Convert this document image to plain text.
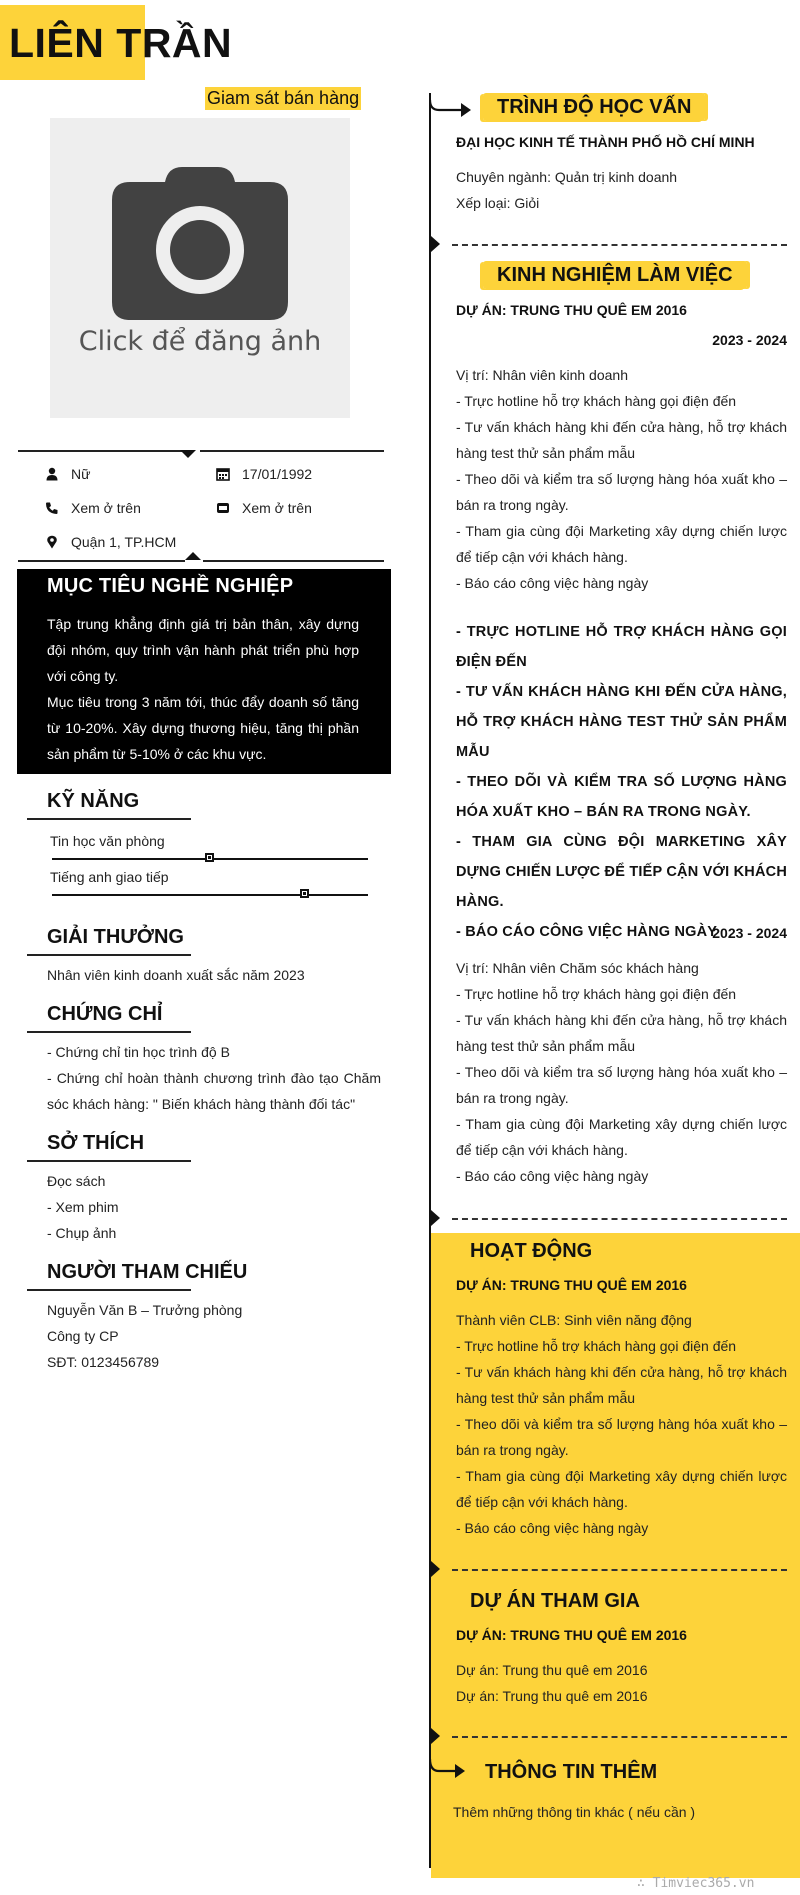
LIÊN TRẦN
Giam sát bán hàng
Click để đăng ảnh
Nữ	17/01/1992
Xem ở trên	Xem ở trên
Quận 1, TP.HCM
MỤC TIÊU NGHỀ NGHIỆP
Tập trung khẳng định giá trị bản thân, xây dựng đội nhóm, quy trình vận hành phát triển phù hợp với công ty.
Mục tiêu trong 3 năm tới, thúc đẩy doanh số tăng từ 10-20%. Xây dựng thương hiệu, tăng thị phần sản phẩm từ 5-10% ở các khu vực.
KỸ NĂNG
Tin học văn phòng
Tiếng anh giao tiếp
GIẢI THƯỞNG
Nhân viên kinh doanh xuất sắc năm 2023
CHỨNG CHỈ
- Chứng chỉ tin học trình độ B
- Chứng chỉ hoàn thành chương trình đào tạo Chăm sóc khách hàng: " Biến khách hàng thành đối tác"
SỞ THÍCH
Đọc sách
- Xem phim
- Chụp ảnh
NGƯỜI THAM CHIẾU
Nguyễn Văn B – Trưởng phòng
Công ty CP
SĐT: 0123456789
TRÌNH ĐỘ HỌC VẤN
ĐẠI HỌC KINH TẾ THÀNH PHỐ HỒ CHÍ MINH
Chuyên ngành: Quản trị kinh doanh
Xếp loại: Giỏi
KINH NGHIỆM LÀM VIỆC
DỰ ÁN: TRUNG THU QUÊ EM 2016
2023 - 2024
Vị trí: Nhân viên kinh doanh
- Trực hotline hỗ trợ khách hàng gọi điện đến
- Tư vấn khách hàng khi đến cửa hàng, hỗ trợ khách hàng test thử sản phẩm mẫu
- Theo dõi và kiểm tra số lượng hàng hóa xuất kho – bán ra trong ngày.
- Tham gia cùng đội Marketing xây dựng chiến lược để tiếp cận với khách hàng.
- Báo cáo công việc hàng ngày
- TRỰC HOTLINE HỖ TRỢ KHÁCH HÀNG GỌI ĐIỆN ĐẾN
- TƯ VẤN KHÁCH HÀNG KHI ĐẾN CỬA HÀNG, HỖ TRỢ KHÁCH HÀNG TEST THỬ SẢN PHẨM MẪU
- THEO DÕI VÀ KIỂM TRA SỐ LƯỢNG HÀNG HÓA XUẤT KHO – BÁN RA TRONG NGÀY.
- THAM GIA CÙNG ĐỘI MARKETING XÂY DỰNG CHIẾN LƯỢC ĐỂ TIẾP CẬN VỚI KHÁCH HÀNG.
- BÁO CÁO CÔNG VIỆC HÀNG NGÀY
2023 - 2024
Vị trí: Nhân viên Chăm sóc khách hàng
- Trực hotline hỗ trợ khách hàng gọi điện đến
- Tư vấn khách hàng khi đến cửa hàng, hỗ trợ khách hàng test thử sản phẩm mẫu
- Theo dõi và kiểm tra số lượng hàng hóa xuất kho – bán ra trong ngày.
- Tham gia cùng đội Marketing xây dựng chiến lược để tiếp cận với khách hàng.
- Báo cáo công việc hàng ngày
HOẠT ĐỘNG
DỰ ÁN: TRUNG THU QUÊ EM 2016
Thành viên CLB: Sinh viên năng động
- Trực hotline hỗ trợ khách hàng gọi điện đến
- Tư vấn khách hàng khi đến cửa hàng, hỗ trợ khách hàng test thử sản phẩm mẫu
- Theo dõi và kiểm tra số lượng hàng hóa xuất kho – bán ra trong ngày.
- Tham gia cùng đội Marketing xây dựng chiến lược để tiếp cận với khách hàng.
- Báo cáo công việc hàng ngày
DỰ ÁN THAM GIA
DỰ ÁN: TRUNG THU QUÊ EM 2016
Dự án: Trung thu quê em 2016
Dự án: Trung thu quê em 2016
THÔNG TIN THÊM
Thêm những thông tin khác ( nếu cần )
∴ Timviec365.vn
